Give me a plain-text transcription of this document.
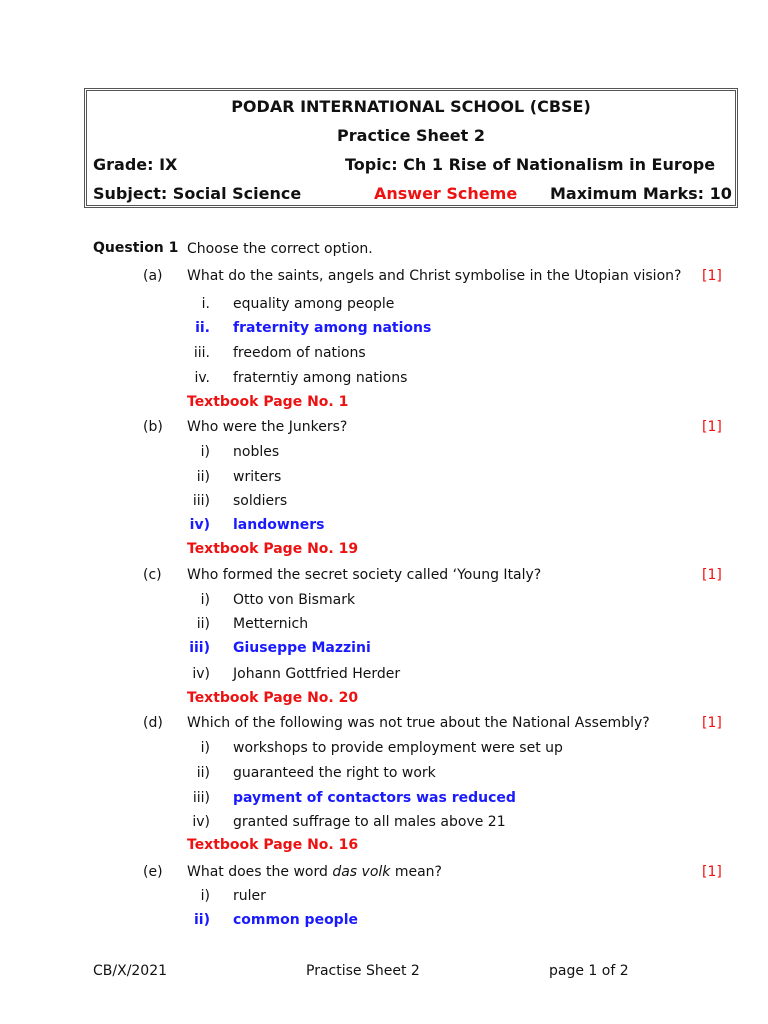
PODAR INTERNATIONAL SCHOOL (CBSE)
Practice Sheet 2
Grade: IX	Topic: Ch 1 Rise of Nationalism in Europe
Subject: Social Science	Answer Scheme Maximum Marks: 10
Question 1 Choose the correct option.
(a) What do the saints, angels and Christ symbolise in the Utopian vision? [1]
i. equality among people
ii. fraternity among nations
iii. freedom of nations
iv. fraterntiy among nations
Textbook Page No. 1
(b) Who were the Junkers?	[1]
i) nobles
ii) writers
iii) soldiers
iv) landowners
Textbook Page No. 19
(c) Who formed the secret society called ‘Young Italy?	[1]
i) Otto von Bismark
ii) Metternich
iii) Giuseppe Mazzini
iv) Johann Gottfried Herder
Textbook Page No. 20
(d) Which of the following was not true about the National Assembly?	[1]
i) workshops to provide employment were set up
ii) guaranteed the right to work
iii) payment of contactors was reduced
iv) granted suffrage to all males above 21
Textbook Page No. 16
(e) What does the word das volk mean?	[1]
i) ruler
ii) common people
CB/X/2021	Practise Sheet 2	page 1 of 2
